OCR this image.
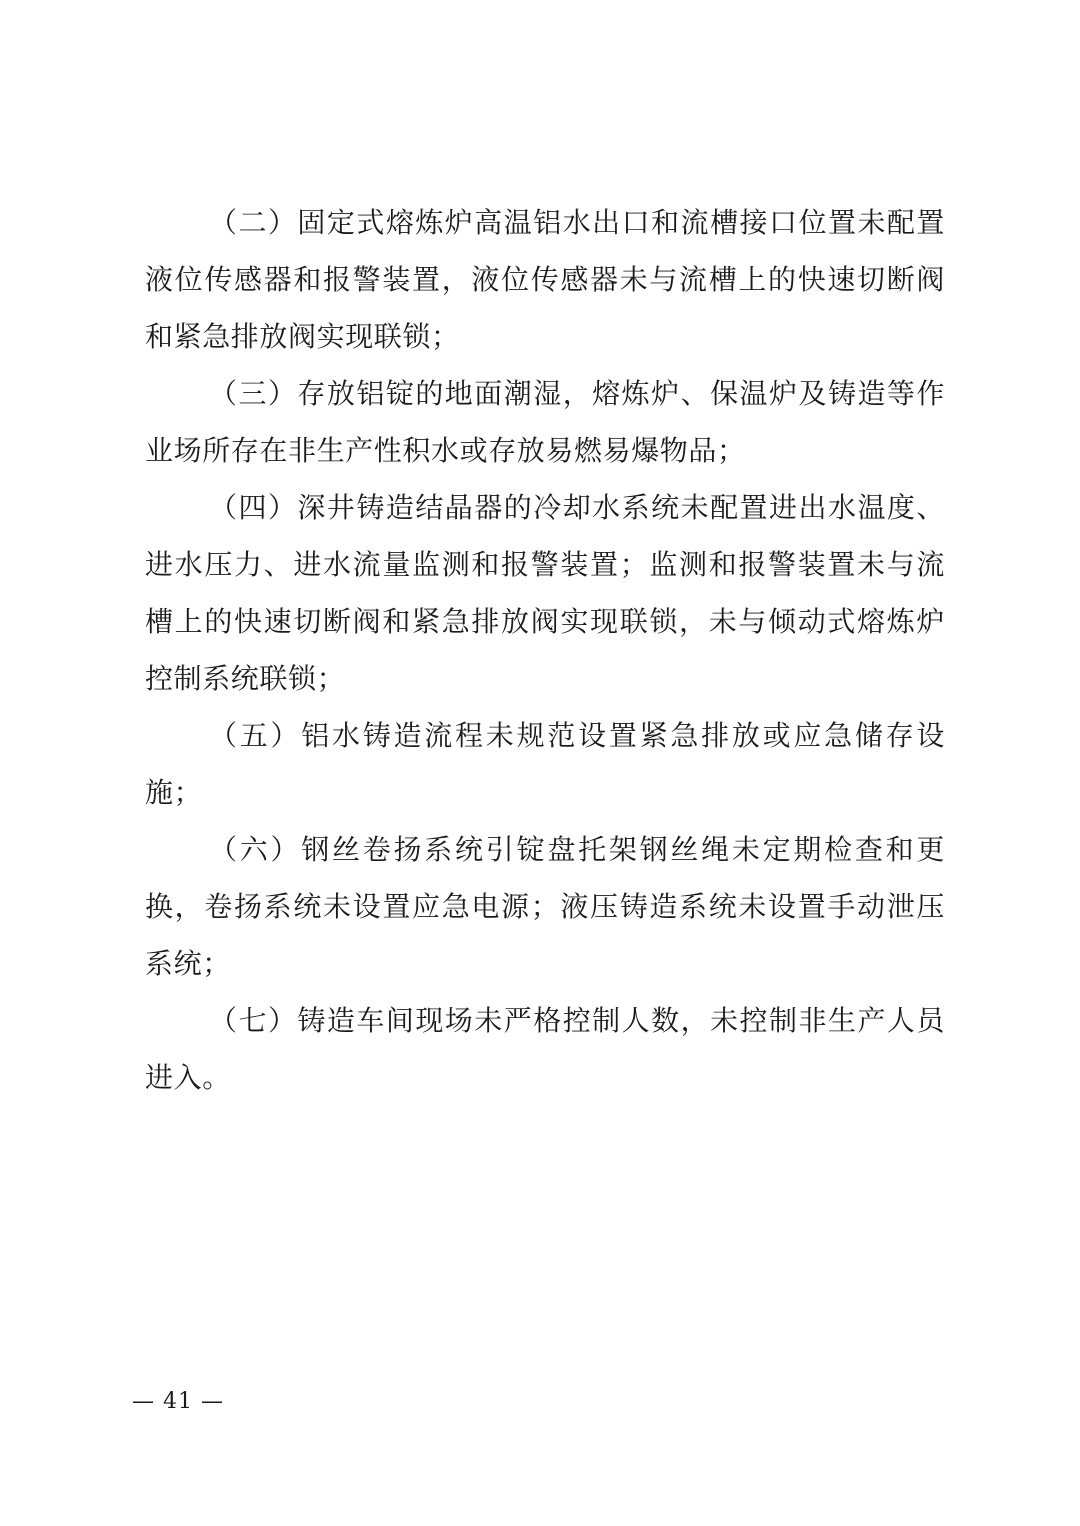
（二）固定式熔炼炉高温铝水出口和流槽接口位置未配置液位传感器和报警装置，液位传感器未与流槽上的快速切断阀和紧急排放阀实现联锁；

（三）存放铝锭的地面潮湿，熔炼炉、保温炉及铸造等作业场所存在非生产性积水或存放易燃易爆物品；

（四）深井铸造结晶器的冷却水系统未配置进出水温度、进水压力、进水流量监测和报警装置；监测和报警装置未与流槽上的快速切断阀和紧急排放阀实现联锁，未与倾动式熔炼炉控制系统联锁；

（五）铝水铸造流程未规范设置紧急排放或应急储存设施；

（六）钢丝卷扬系统引锭盘托架钢丝绳未定期检查和更换，卷扬系统未设置应急电源；液压铸造系统未设置手动泄压系统；

（七）铸造车间现场未严格控制人数，未控制非生产人员进入。

— 41 —
